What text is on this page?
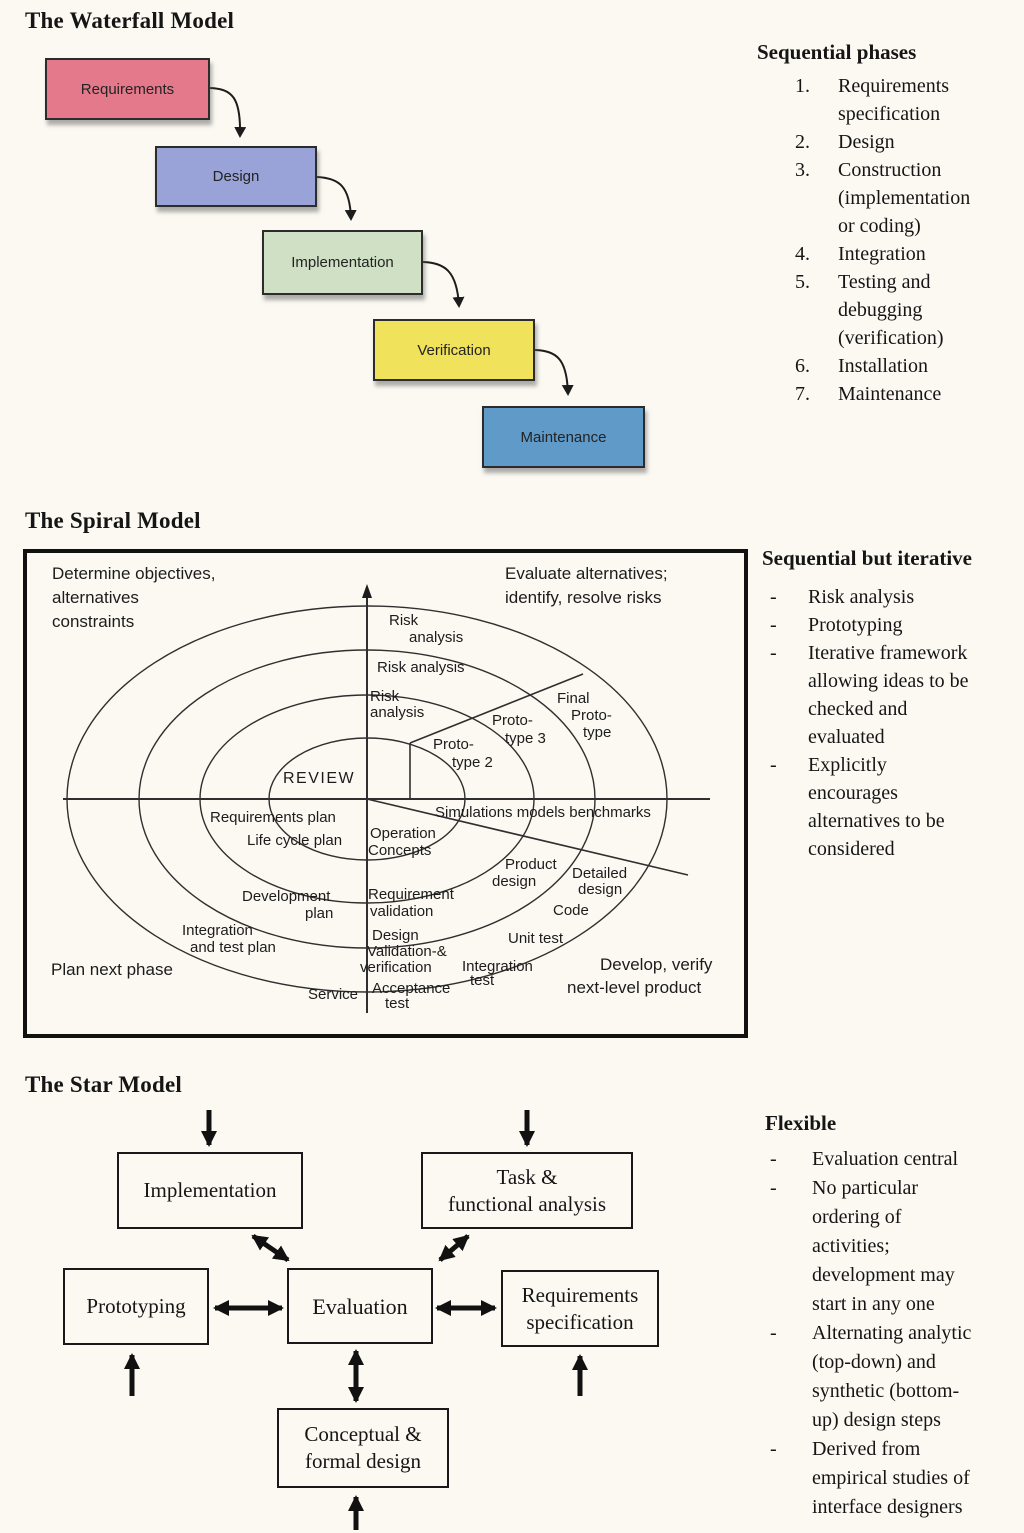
The Waterfall Model
Requirements
Design
Implementation
Verification
Maintenance
Sequential phases
1.	Requirements
specification
2.	Design
3.	Construction
(implementation
or coding)
4.	Integration
5.	Testing and
debugging
(verification)
6.	Installation
7.	Maintenance
The Spiral Model
Determine objectives,
alternatives
constraints
Evaluate alternatives;
identify, resolve risks
Plan next phase	Develop, verify
next-level product
Risk
analysis
Risk analysis
Risk
analysis
Final
Proto-
type
Proto-
type 3
Proto-
type 2
REVIEW
Requirements plan
Life cycle plan Operation
Concepts
Simulations models benchmarks
Development
plan
Requirement
validation
Integration
and test plan
Design
Validation-&
verification
Unit test
Code
Integration
test
Acceptance
test
Service
Product
design Detailed
design
Sequential but iterative
-	Risk analysis
-	Prototyping
-	Iterative framework
allowing ideas to be
checked and
evaluated
-	Explicitly
encourages
alternatives to be
considered
The Star Model
Implementation
Task &
functional analysis
Prototyping	Evaluation	Requirements
specification
Conceptual &
formal design
Flexible
-	Evaluation central
-	No particular
ordering of
activities;
development may
start in any one
-	Alternating analytic
(top-down) and
synthetic (bottom-
up) design steps
-	Derived from
empirical studies of
interface designers
